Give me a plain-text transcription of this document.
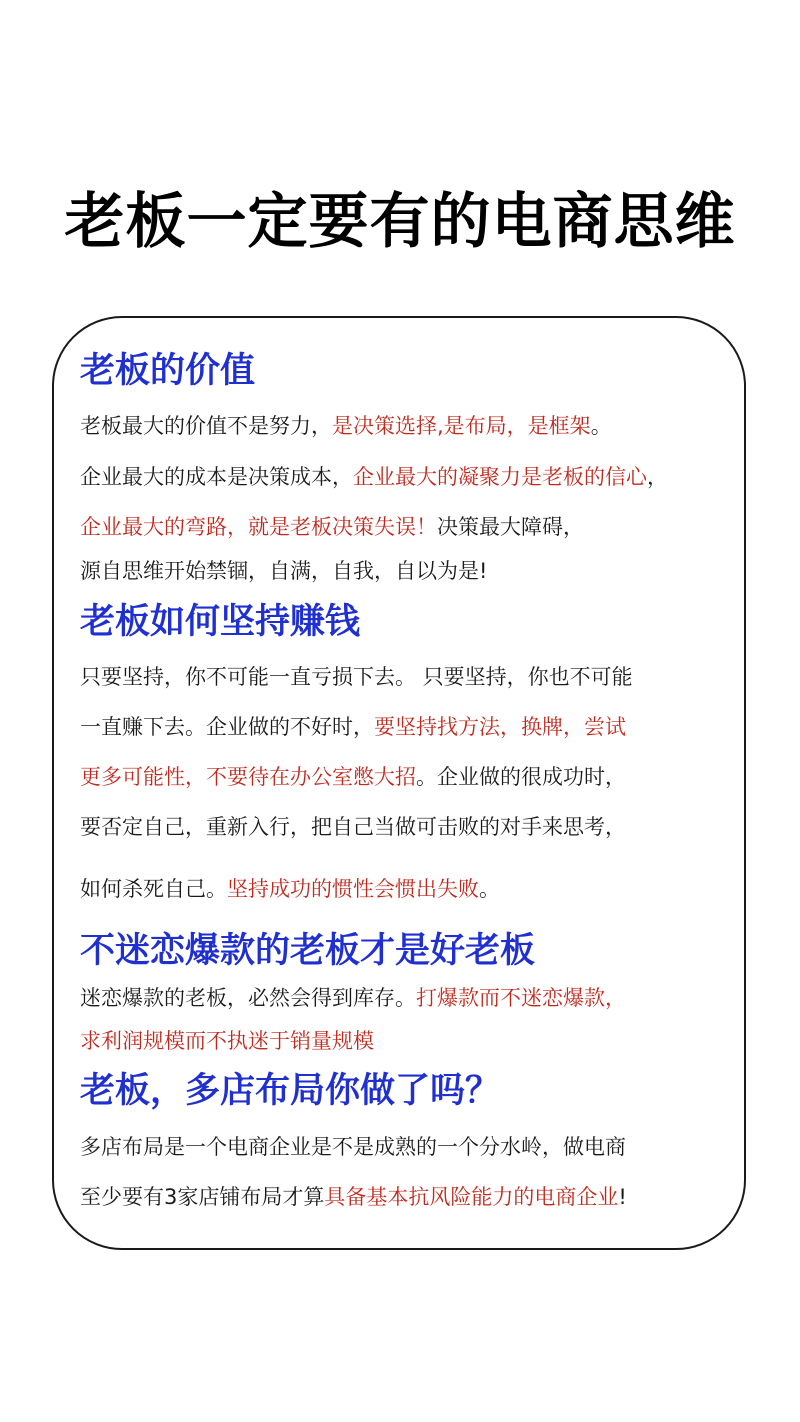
老板一定要有的电商思维
老板的价值
老板最大的价值不是努力，是决策选择,是布局，是框架。
企业最大的成本是决策成本，企业最大的凝聚力是老板的信心，
企业最大的弯路，就是老板决策失误！决策最大障碍，
源自思维开始禁锢，自满，自我，自以为是!
老板如何坚持赚钱
只要坚持，你不可能一直亏损下去。 只要坚持，你也不可能
一直赚下去。企业做的不好时，要坚持找方法，换牌，尝试
更多可能性，不要待在办公室憋大招。企业做的很成功时，
要否定自己，重新入行，把自己当做可击败的对手来思考，
如何杀死自己。坚持成功的惯性会惯出失败。
不迷恋爆款的老板才是好老板
迷恋爆款的老板，必然会得到库存。打爆款而不迷恋爆款，
求利润规模而不执迷于销量规模
老板，多店布局你做了吗？
多店布局是一个电商企业是不是成熟的一个分水岭，做电商
至少要有3家店铺布局才算具备基本抗风险能力的电商企业!
